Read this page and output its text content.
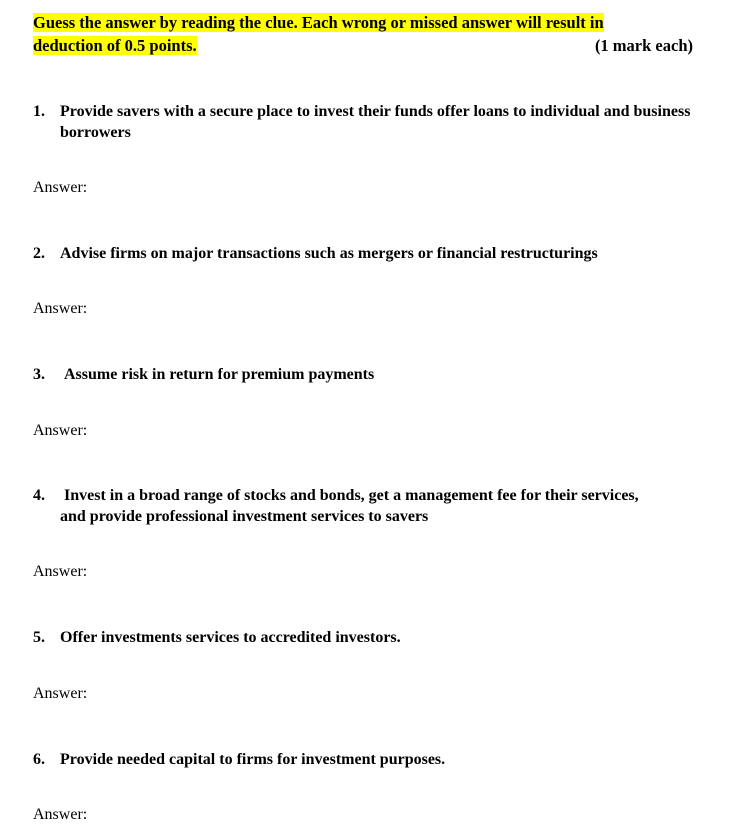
Guess the answer by reading the clue. Each wrong or missed answer will result in
deduction of 0.5 points.	(1 mark each)
1. Provide savers with a secure place to invest their funds offer loans to individual and business borrowers
Answer:
2. Advise firms on major transactions such as mergers or financial restructurings
Answer:
3.	Assume risk in return for premium payments
Answer:
4.	Invest in a broad range of stocks and bonds, get a management fee for their services, and provide professional investment services to savers
Answer:
5. Offer investments services to accredited investors.
Answer:
6. Provide needed capital to firms for investment purposes.
Answer:
